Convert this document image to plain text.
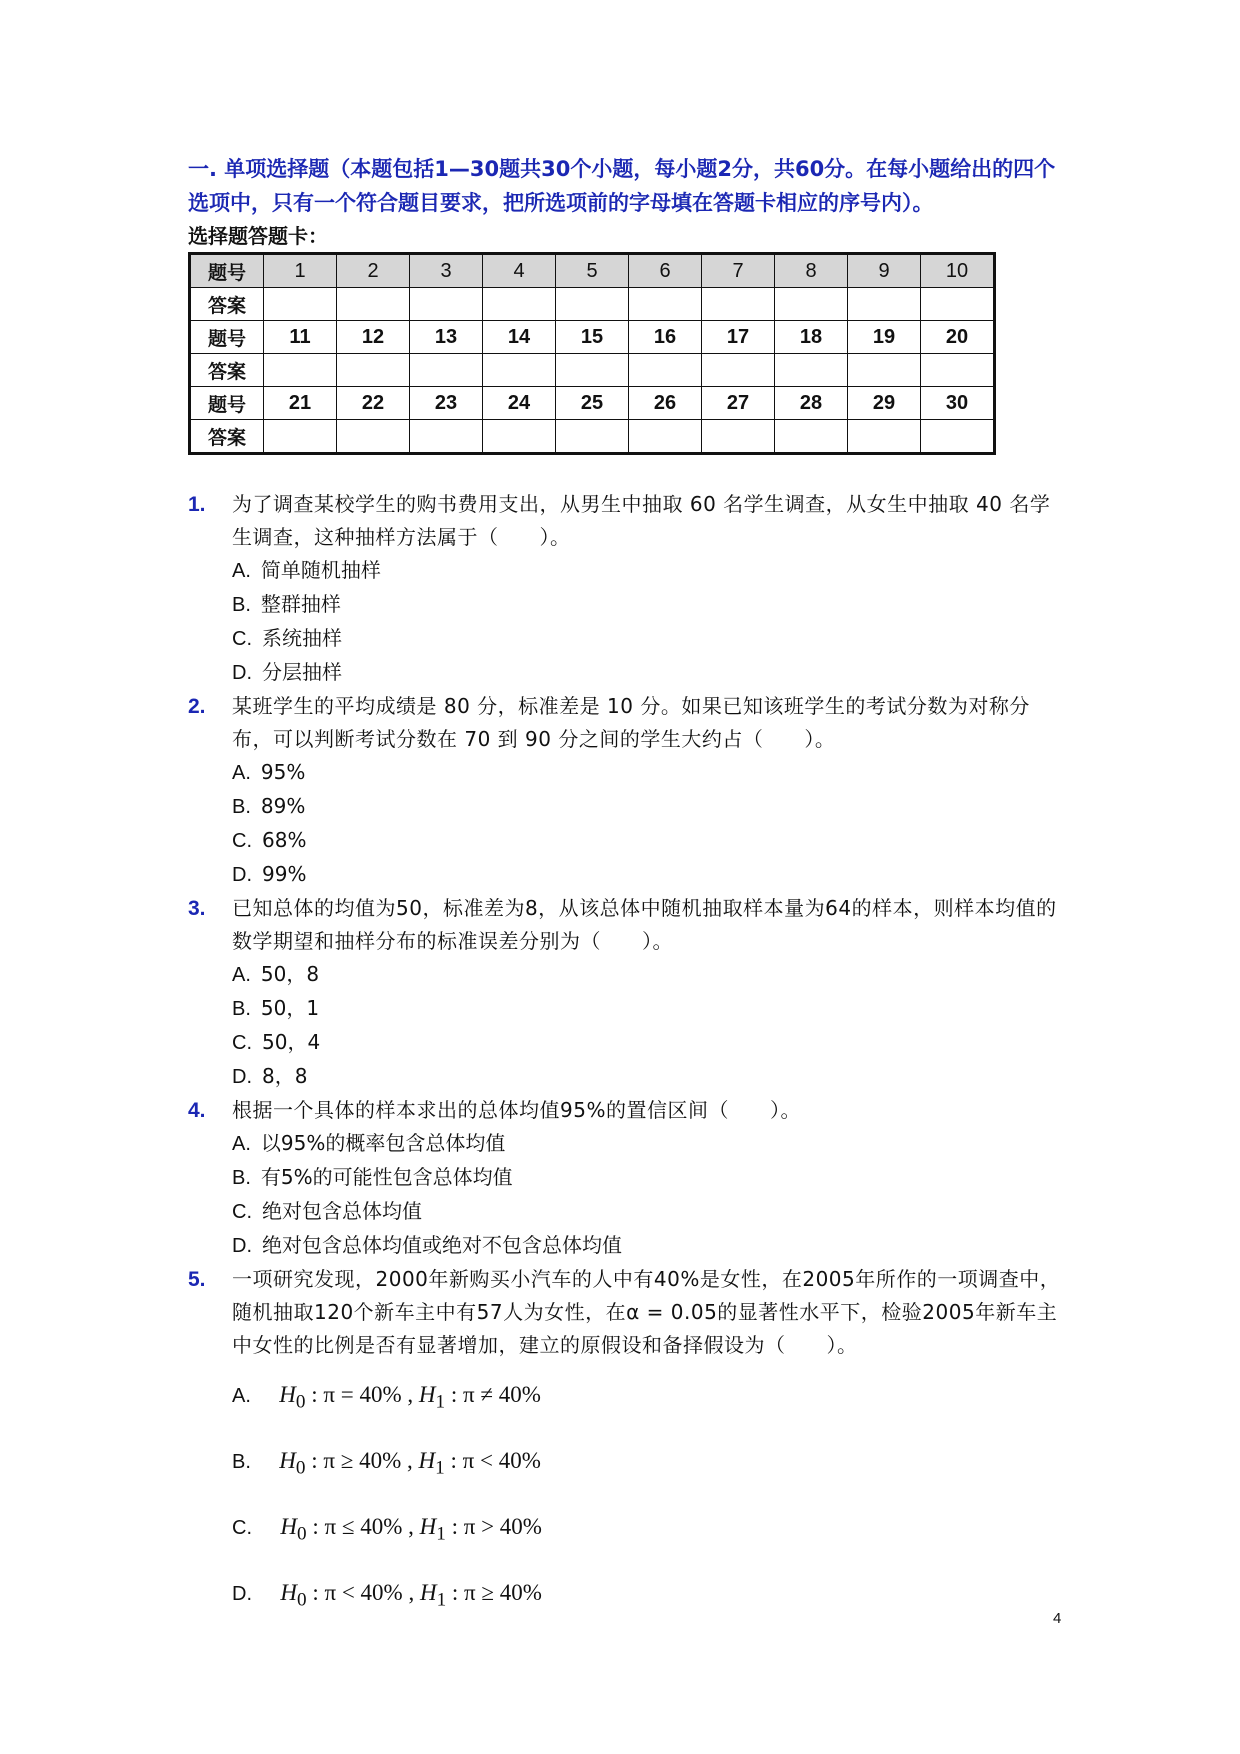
一. 单项选择题（本题包括1—30题共30个小题，每小题2分，共60分。在每小题给出的四个选项中，只有一个符合题目要求，把所选项前的字母填在答题卡相应的序号内）。
选择题答题卡：
题号	1	2	3	4	5	6	7	8	9	10
答案										
题号	11	12	13	14	15	16	17	18	19	20
答案										
题号	21	22	23	24	25	26	27	28	29	30
答案										
1. 为了调查某校学生的购书费用支出，从男生中抽取 60 名学生调查，从女生中抽取 40 名学生调查，这种抽样方法属于（　　）。
A. 简单随机抽样
B. 整群抽样
C. 系统抽样
D. 分层抽样
2. 某班学生的平均成绩是 80 分，标准差是 10 分。如果已知该班学生的考试分数为对称分布，可以判断考试分数在 70 到 90 分之间的学生大约占（　　）。
A. 95%
B. 89%
C. 68%
D. 99%
3. 已知总体的均值为50，标准差为8，从该总体中随机抽取样本量为64的样本，则样本均值的数学期望和抽样分布的标准误差分别为（　　）。
A. 50，8
B. 50，1
C. 50，4
D. 8，8
4. 根据一个具体的样本求出的总体均值95%的置信区间（　　）。
A. 以95%的概率包含总体均值
B. 有5%的可能性包含总体均值
C. 绝对包含总体均值
D. 绝对包含总体均值或绝对不包含总体均值
5. 一项研究发现，2000年新购买小汽车的人中有40%是女性，在2005年所作的一项调查中，随机抽取120个新车主中有57人为女性，在α = 0.05的显著性水平下，检验2005年新车主中女性的比例是否有显著增加，建立的原假设和备择假设为（　　）。
A. $H_0$ : π = 40% , $H_1$ : π ≠ 40%
B. $H_0$ : π ≥ 40% , $H_1$ : π < 40%
C. $H_0$ : π ≤ 40% , $H_1$ : π > 40%
D. $H_0$ : π < 40% , $H_1$ : π ≥ 40%
4
